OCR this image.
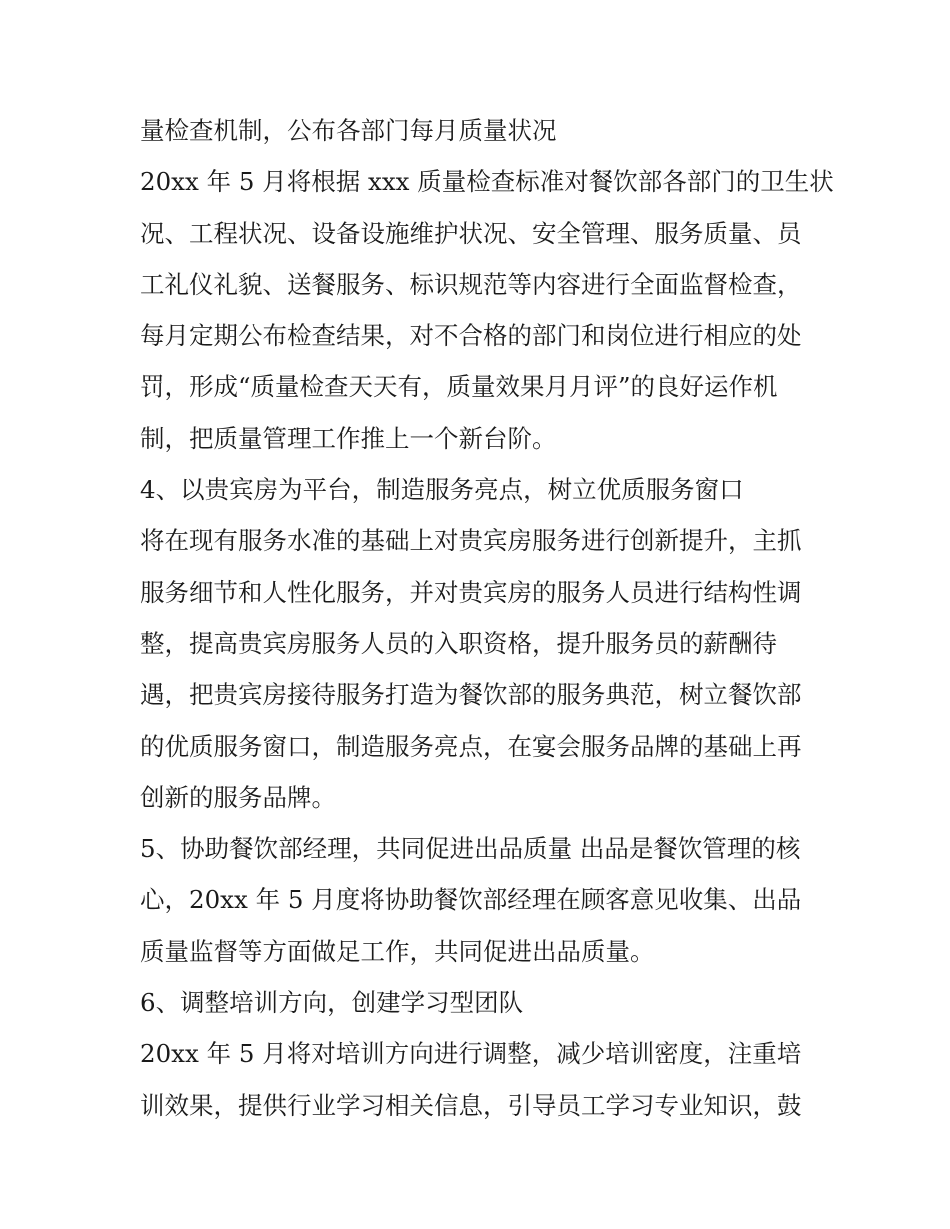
量检查机制，公布各部门每月质量状况
20xx 年 5 月将根据 xxx 质量检查标准对餐饮部各部门的卫生状
况、工程状况、设备设施维护状况、安全管理、服务质量、员
工礼仪礼貌、送餐服务、标识规范等内容进行全面监督检查，
每月定期公布检查结果，对不合格的部门和岗位进行相应的处
罚，形成“质量检查天天有，质量效果月月评”的良好运作机
制，把质量管理工作推上一个新台阶。
4、以贵宾房为平台，制造服务亮点，树立优质服务窗口
将在现有服务水准的基础上对贵宾房服务进行创新提升，主抓
服务细节和人性化服务，并对贵宾房的服务人员进行结构性调
整，提高贵宾房服务人员的入职资格，提升服务员的薪酬待
遇，把贵宾房接待服务打造为餐饮部的服务典范，树立餐饮部
的优质服务窗口，制造服务亮点，在宴会服务品牌的基础上再
创新的服务品牌。
5、协助餐饮部经理，共同促进出品质量 出品是餐饮管理的核
心，20xx 年 5 月度将协助餐饮部经理在顾客意见收集、出品
质量监督等方面做足工作，共同促进出品质量。
6、调整培训方向，创建学习型团队
20xx 年 5 月将对培训方向进行调整，减少培训密度，注重培
训效果，提供行业学习相关信息，引导员工学习专业知识，鼓
